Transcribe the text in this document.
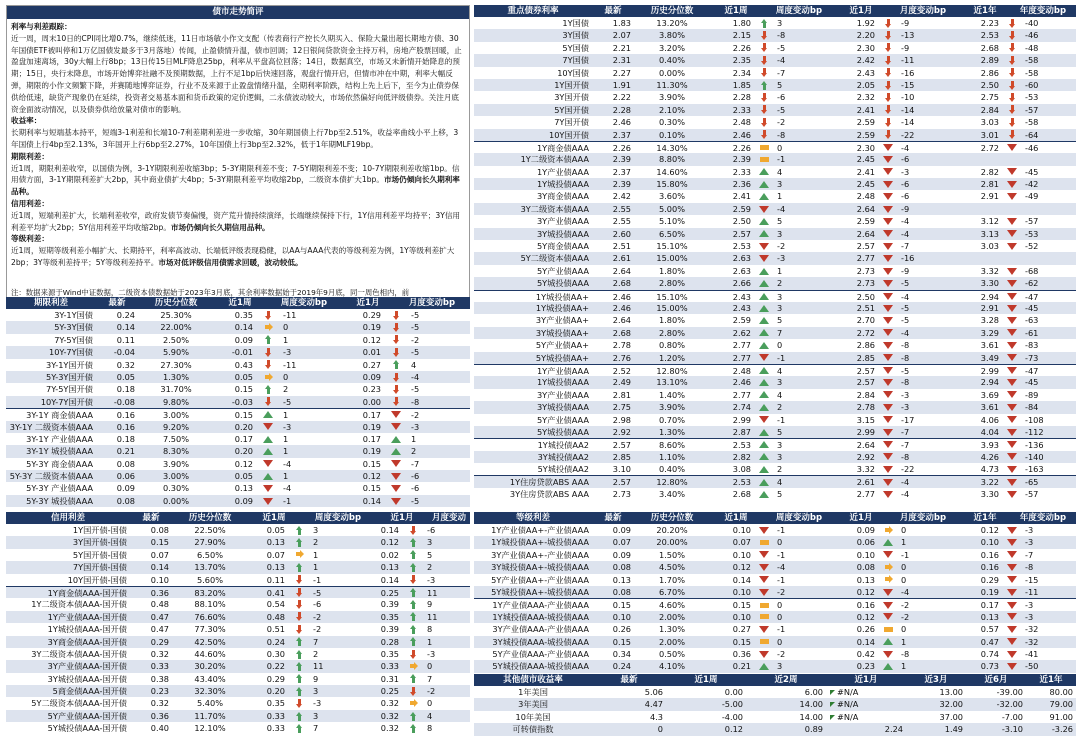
债市走势简评

利率与利差跟踪：

近一周，周末10日的CPI同比增0.7%，继续低迷，11日市场敏小作文支配（传表商行产控长久期买入、保险大量出超长期地方债、30年国债ETF被叫停和1万亿国债发最多于3月落地）传闻，止盈债情升温，债市回调；12日银间贷款资金主持万科，房地产股票回暖，止盈盘加速离场，30y大幅上行8bp；13日传15日MLF降息25bp，利率从平盘高位回落；14日，数据真空，市场又未新情开始降息的预期；15日，央行未降息，市场开始博弈社融不及预期数据，上行不足1bp后快速回落，观盘行情开启，但情市冲在中期，利率大幅反弹，期限的小作文频繁下降，并赛随地博弈证券，行业不及来源于止盈盘情绪升温，全期利率阶跌，结构上先上后下，至今为止债券保供给低速，缺货产现象仍在延续，投资者交易基本面和货币政策的定价逻辑，二永债波动较大，市场依然偏好向低评级债券。关注月底资金面波动情况，以及债券供给放量对债市的影响。

收益率：

长期利率与短端基本持平，短端3-1利差和长端10-7利差期利差进一步收缩，30年期国债上行7bp至2.51%，收益率曲线小平上移，3年国债上行4bp至2.13%，3年国开上行6bp至2.27%，10年国债上行3bp至2.32%，低于1年期MLF19bp。

期限利差：

近1周，期限利差收窄，以国债为例，3-1Y期限利差收缩3bp；5-3Y期限利差不变；7-5Y期限利差不变；10-7Y期限利差收缩1bp。信用债方面，3-1Y期限利差扩大2bp，其中商业债扩大4bp；5-3Y期限利差平均收缩2bp，二级资本债扩大1bp。市场仍倾向长久期利率品种。

信用利差：

近1周，短端利差扩大，长端利差收窄，政府发债节奏偏慢，资产荒升情持续演绎，长端继续保持下行，1Y信用利差平均持平；3Y信用利差平均扩大2bp；5Y信用利差平均收缩2bp。市场仍倾向长久期信用品种。

等级利差：

近1周，短期等级利差小幅扩大、长期持平，利率高波动、长端低评级表现稳健，以AA与AAA代表的等级利差为例，1Y等级利差扩大2bp；3Y等级利差持平；5Y等级利差持平。市场对低评级信用债需求回暖，波动较低。

注：数据来源于Wind中证数据，二级资本债数据始于2023年3月底，其余利率数据始于2019年9月底，同一周色相内，前
期限利差	最新	历史分位数	近1周	周度变动bp	近1月	月度变动bp
3Y-1Y国债	0.24	25.30%	0.35	-11	0.29	-5
5Y-3Y国债	0.14	22.00%	0.14	0	0.19	-5
7Y-5Y国债	0.11	2.50%	0.09	1	0.12	-2
10Y-7Y国债	-0.04	5.90%	-0.01	-3	0.01	-5
3Y-1Y国开债	0.32	27.30%	0.43	-11	0.27	4
5Y-3Y国开债	0.05	1.30%	0.05	0	0.09	-4
7Y-5Y国开债	0.18	31.70%	0.15	2	0.23	-5
10Y-7Y国开债	-0.08	9.80%	-0.03	-5	0.00	-8
3Y-1Y 商金债AAA	0.16	3.00%	0.15	1	0.17	-2
3Y-1Y 二级资本债AAA	0.16	9.20%	0.20	-3	0.19	-3
3Y-1Y 产业债AAA	0.18	7.50%	0.17	1	0.17	1
3Y-1Y 城投债AAA	0.21	8.30%	0.20	1	0.19	2
5Y-3Y 商金债AAA	0.08	3.90%	0.12	-4	0.15	-7
5Y-3Y 二级资本债AAA	0.06	3.00%	0.05	1	0.12	-6
5Y-3Y 产业债AAA	0.09	0.30%	0.13	-4	0.15	-6
5Y-3Y 城投债AAA	0.08	0.00%	0.09	-1	0.14	-5
信用利差	最新	历史分位数	近1周	周度变动bp	近1月	月度变动bp
1Y国开债-国债	0.08	22.50%	0.05	3	0.14	-6
3Y国开债-国债	0.15	27.90%	0.13	2	0.12	3
5Y国开债-国债	0.07	6.50%	0.07	1	0.02	5
7Y国开债-国债	0.14	13.70%	0.13	1	0.13	2
10Y国开债-国债	0.10	5.60%	0.11	-1	0.14	-3
1Y商金债AAA-国开债	0.36	83.20%	0.41	-5	0.25	11
1Y二级资本债AAA-国开债	0.48	88.10%	0.54	-6	0.39	9
1Y产业债AAA-国开债	0.47	76.60%	0.48	-2	0.35	11
1Y城投债AAA-国开债	0.47	77.30%	0.51	-2	0.39	8
3Y商金债AAA-国开债	0.29	42.50%	0.24	7	0.28	1
3Y二级资本债AAA-国开债	0.32	44.60%	0.30	2	0.35	-3
3Y产业债AAA-国开债	0.33	30.20%	0.22	11	0.33	0
3Y城投债AAA-国开债	0.38	43.40%	0.29	9	0.31	7
5商金债AAA-国开债	0.23	32.30%	0.20	3	0.25	-2
5Y二级资本债AAA-国开债	0.32	5.40%	0.35	-3	0.32	0
5Y产业债AAA-国开债	0.36	11.70%	0.33	3	0.32	4
5Y城投债AAA-国开债	0.40	12.10%	0.33	7	0.32	8
重点债券利率	最新	历史分位数	近1周	周度变动bp	近1月	月度变动bp	近1年	年度变动bp
1Y国债	1.83	13.20%	1.80	3	1.92	-9	2.23	-40
3Y国债	2.07	3.80%	2.15	-8	2.20	-13	2.53	-46
5Y国债	2.21	3.20%	2.26	-5	2.30	-9	2.68	-48
7Y国债	2.31	0.40%	2.35	-4	2.42	-11	2.89	-58
10Y国债	2.27	0.00%	2.34	-7	2.43	-16	2.86	-58
1Y国开债	1.91	11.30%	1.85	5	2.05	-15	2.50	-60
3Y国开债	2.22	3.90%	2.28	-6	2.32	-10	2.75	-53
5Y国开债	2.28	2.10%	2.33	-5	2.41	-14	2.84	-57
7Y国开债	2.46	0.30%	2.48	-2	2.59	-14	3.03	-58
10Y国开债	2.37	0.10%	2.46	-8	2.59	-22	3.01	-64
1Y商金债AAA	2.26	14.30%	2.26	0	2.30	-4	2.72	-46
1Y二级资本债AAA	2.39	8.80%	2.39	-1	2.45	-6
1Y产业债AAA	2.37	14.60%	2.33	4	2.41	-3	2.82	-45
1Y城投债AAA	2.39	15.80%	2.36	3	2.45	-6	2.81	-42
3Y商金债AAA	2.42	3.60%	2.41	1	2.48	-6	2.91	-49
3Y二级资本债AAA	2.55	5.00%	2.59	-4	2.64	-9
3Y产业债AAA	2.55	5.10%	2.50	5	2.59	-4	3.12	-57
3Y城投债AAA	2.60	6.50%	2.57	3	2.64	-4	3.13	-53
5Y商金债AAA	2.51	15.10%	2.53	-2	2.57	-7	3.03	-52
5Y二级资本债AAA	2.61	15.00%	2.63	-3	2.77	-16
5Y产业债AAA	2.64	1.80%	2.63	1	2.73	-9	3.32	-68
5Y城投债AAA	2.68	2.80%	2.66	2	2.73	-5	3.30	-62
1Y城投债AA+	2.46	15.10%	2.43	3	2.50	-4	2.94	-47
1Y城投债AA+	2.46	15.00%	2.43	3	2.51	-5	2.91	-45
3Y产业债AA+	2.64	1.80%	2.59	5	2.70	-5	3.28	-63
3Y城投债AA+	2.68	2.80%	2.62	7	2.72	-4	3.29	-61
5Y产业债AA+	2.78	0.80%	2.77	0	2.86	-8	3.61	-83
5Y城投债AA+	2.76	1.20%	2.77	-1	2.85	-8	3.49	-73
1Y产业债AAA	2.52	12.80%	2.48	4	2.57	-5	2.99	-47
1Y城投债AAA	2.49	13.10%	2.46	3	2.57	-8	2.94	-45
3Y产业债AAA	2.81	1.40%	2.77	4	2.84	-3	3.69	-89
3Y城投债AAA	2.75	3.90%	2.74	2	2.78	-3	3.61	-84
5Y产业债AAA	2.98	0.70%	2.99	-1	3.15	-17	4.06	-108
5Y城投债AAA	2.92	1.30%	2.87	5	2.99	-7	4.04	-112
1Y城投债AA2	2.57	8.60%	2.53	3	2.64	-7	3.93	-136
3Y城投债AA2	2.85	1.10%	2.82	3	2.92	-8	4.26	-140
5Y城投债AA2	3.10	0.40%	3.08	2	3.32	-22	4.73	-163
1Y住房贷款ABS AAA	2.57	12.80%	2.53	4	2.61	-4	3.22	-65
3Y住房贷款ABS AAA	2.73	3.40%	2.68	5	2.77	-4	3.30	-57
等级利差	最新	历史分位数	近1周	周度变动bp	近1月	月度变动bp	近1年	年度变动bp
1Y产业债AA+-产业债AAA	0.09	20.20%	0.10	-1	0.09	0	0.12	-3
1Y城投债AA+-城投债AAA	0.07	20.00%	0.07	0	0.06	1	0.10	-3
3Y产业债AA+-产业债AAA	0.09	1.50%	0.10	-1	0.10	-1	0.16	-7
3Y城投债AA+-城投债AAA	0.08	4.50%	0.12	-4	0.08	0	0.16	-8
5Y产业债AA+-产业债AAA	0.13	1.70%	0.14	-1	0.13	0	0.29	-15
5Y城投债AA+-城投债AAA	0.08	6.70%	0.10	-2	0.12	-4	0.19	-11
1Y产业债AAA-产业债AAA	0.15	4.60%	0.15	0	0.16	-2	0.17	-3
1Y城投债AAA-城投债AAA	0.10	2.00%	0.10	0	0.12	-2	0.13	-3
3Y产业债AAA-产业债AAA	0.26	1.30%	0.27	-1	0.26	0	0.57	-32
3Y城投债AAA-城投债AAA	0.15	2.00%	0.15	0	0.14	1	0.47	-32
5Y产业债AAA-产业债AAA	0.34	0.50%	0.36	-2	0.42	-8	0.74	-41
5Y城投债AAA-城投债AAA	0.24	4.10%	0.21	3	0.23	1	0.73	-50
其他债市收益率	最新	近1周	近2周	近1月	近3月	近6月	近1年
1年美国	5.06	0.00	6.00	#N/A	13.00	-39.00	80.00
3年美国	4.47	-5.00	14.00	#N/A	32.00	-32.00	79.00
10年美国	4.3	-4.00	14.00	#N/A	37.00	-7.00	91.00
可转债指数	0	0.12	0.89	2.24	1.49	-3.10	-3.26
